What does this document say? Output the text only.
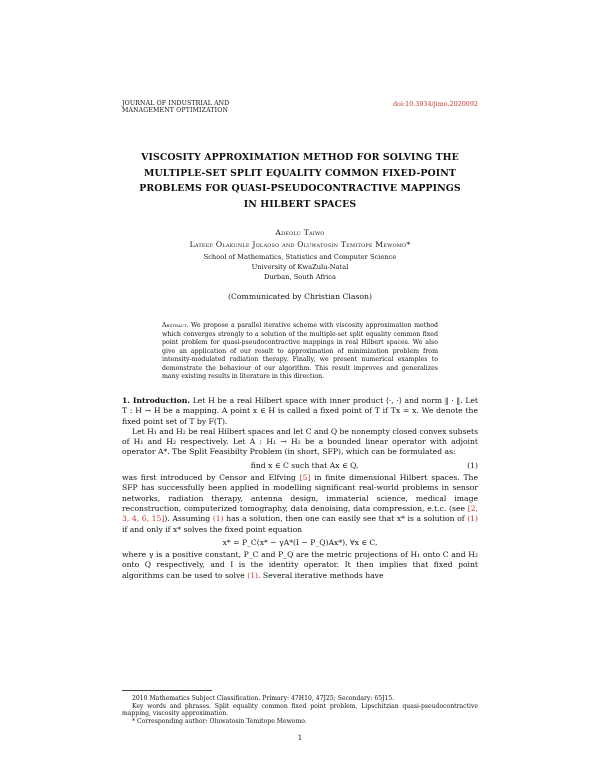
JOURNAL OF INDUSTRIAL AND
MANAGEMENT OPTIMIZATION
doi:10.3934/jimo.2020092
VISCOSITY APPROXIMATION METHOD FOR SOLVING THE
MULTIPLE-SET SPLIT EQUALITY COMMON FIXED-POINT
PROBLEMS FOR QUASI-PSEUDOCONTRACTIVE MAPPINGS
IN HILBERT SPACES
Adeolu Taiwo
Lateef Olakunle Jolaoso and Oluwatosin Temitope Mewomo*
School of Mathematics, Statistics and Computer Science
University of KwaZulu-Natal
Durban, South Africa
(Communicated by Christian Clason)
Abstract. We propose a parallel iterative scheme with viscosity approximation method which converges strongly to a solution of the multiple-set split equality common fixed point problem for quasi-pseudocontractive mappings in real Hilbert spaces. We also give an application of our result to approximation of minimization problem from intensity-modulated radiation therapy. Finally, we present numerical examples to demonstrate the behaviour of our algorithm. This result improves and generalizes many existing results in literature in this direction.

1. Introduction. Let H be a real Hilbert space with inner product ⟨·, ·⟩ and norm ‖ · ‖. Let T : H → H be a mapping. A point x ∈ H is called a fixed point of T if Tx = x. We denote the fixed point set of T by F(T).

Let H₁ and H₂ be real Hilbert spaces and let C and Q be nonempty closed convex subsets of H₁ and H₂ respectively. Let A : H₁ → H₂ be a bounded linear operator with adjoint operator A*. The Split Feasibilty Problem (in short, SFP), which can be formulated as:

find x ∈ C such that Ax ∈ Q,	(1)

was first introduced by Censor and Elfving [5] in finite dimensional Hilbert spaces. The SFP has successfully been applied in modelling significant real-world problems in sensor networks, radiation therapy, antenna design, immaterial science, medical image reconstruction, computerized tomography, data denoising, data compression, e.t.c. (see [2, 3, 4, 6, 15]). Assuming (1) has a solution, then one can easily see that x* is a solution of (1) if and only if x* solves the fixed point equation

x* = P_C(x* − γA*(I − P_Q)Ax*), ∀x ∈ C,

where γ is a positive constant, P_C and P_Q are the metric projections of H₁ onto C and H₂ onto Q respectively, and I is the identity operator. It then implies that fixed point algorithms can be used to solve (1). Several iterative methods have

2010 Mathematics Subject Classification. Primary: 47H10, 47J25; Secondary: 65J15.

Key words and phrases. Split equality common fixed point problem, Lipschitzian quasi-pseudocontractive mapping, viscosity approximation.

* Corresponding author: Oluwatosin Temitope Mewomo.

1
